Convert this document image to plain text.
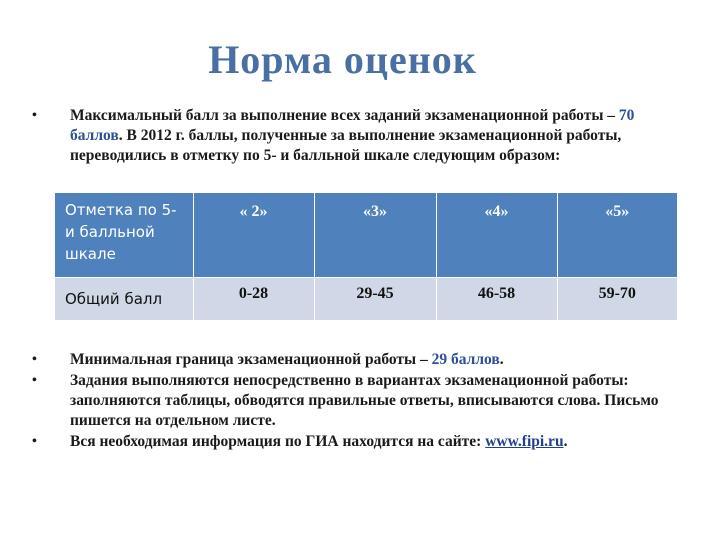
Норма оценок
•	Максимальный балл за выполнение всех заданий экзаменационной работы – 70 баллов. В 2012 г. баллы, полученные за выполнение экзаменационной работы, переводились в отметку по 5- и балльной шкале следующим образом:
Отметка по 5-и балльной шкале	« 2»	«3»	«4»	«5»

Общий балл	0-28	29-45	46-58	59-70
•	Минимальная граница экзаменационной работы – 29 баллов.
•	Задания выполняются непосредственно в вариантах экзаменационной работы: заполняются таблицы, обводятся правильные ответы, вписываются слова. Письмо пишется на отдельном листе.
•	Вся необходимая информация по ГИА находится на сайте: www.fipi.ru.
